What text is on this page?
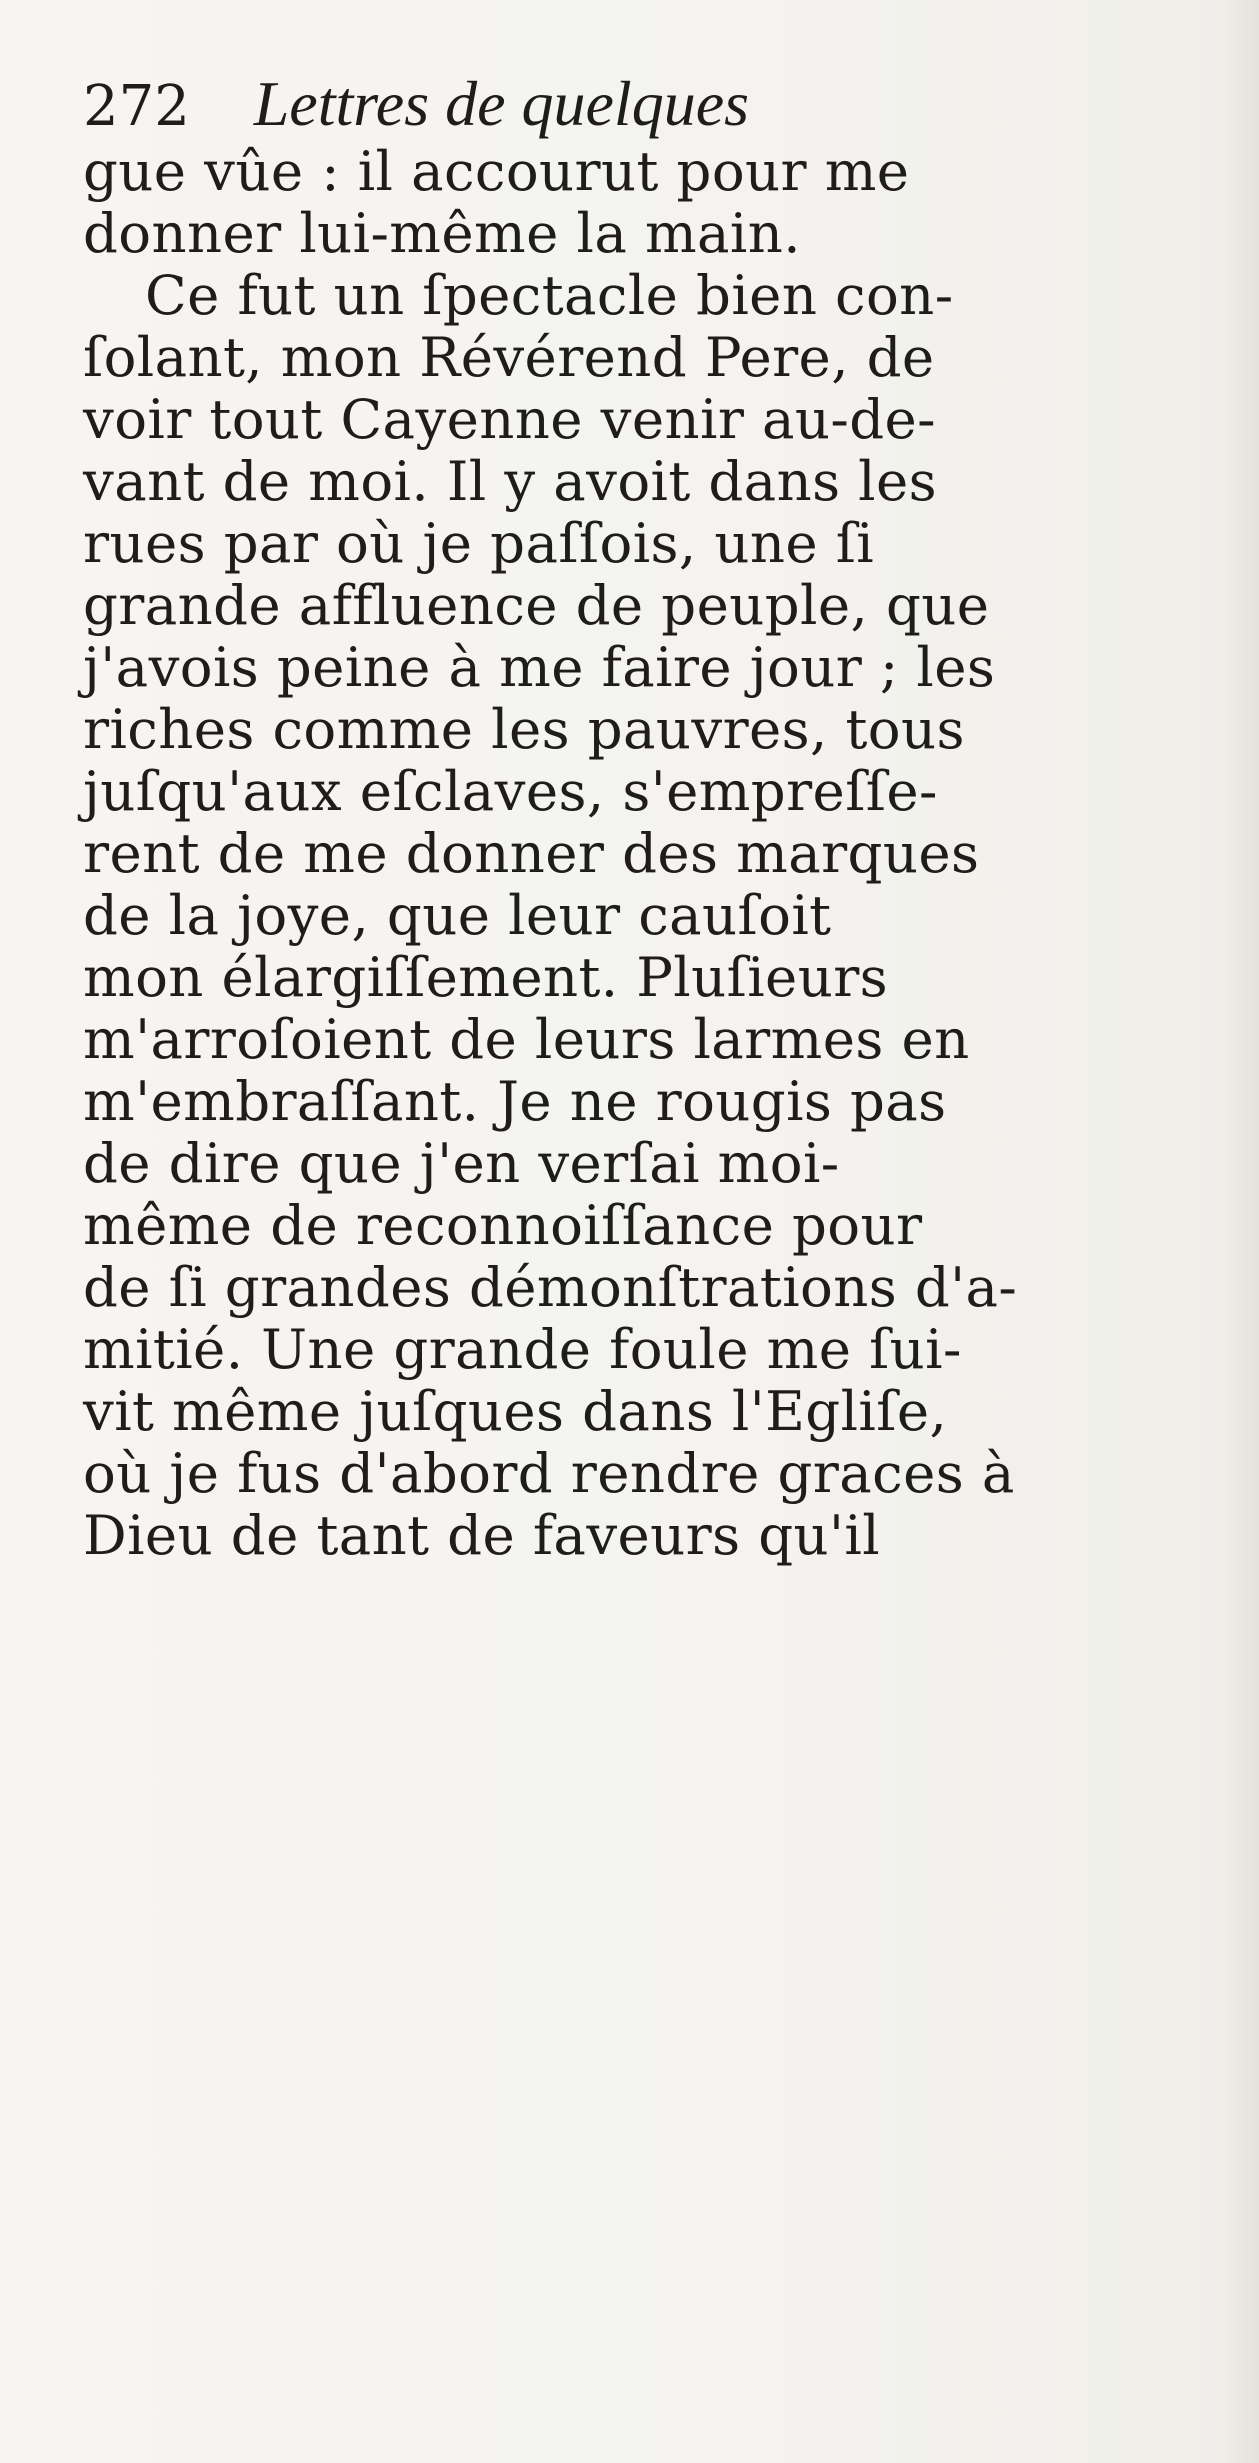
272 Lettres de quelques
gue vûe : il accourut pour me
donner lui-même la main.
Ce fut un ſpectacle bien con-
ſolant, mon Révérend Pere, de
voir tout Cayenne venir au-de-
vant de moi. Il y avoit dans les
rues par où je paſſois, une ſi
grande affluence de peuple, que
j'avois peine à me faire jour ; les
riches comme les pauvres, tous
juſqu'aux eſclaves, s'empreſſe-
rent de me donner des marques
de la joye, que leur cauſoit
mon élargiſſement. Pluſieurs
m'arroſoient de leurs larmes en
m'embraſſant. Je ne rougis pas
de dire que j'en verſai moi-
même de reconnoiſſance pour
de ſi grandes démonſtrations d'a-
mitié. Une grande foule me ſui-
vit même juſques dans l'Egliſe,
où je fus d'abord rendre graces à
Dieu de tant de faveurs qu'il
